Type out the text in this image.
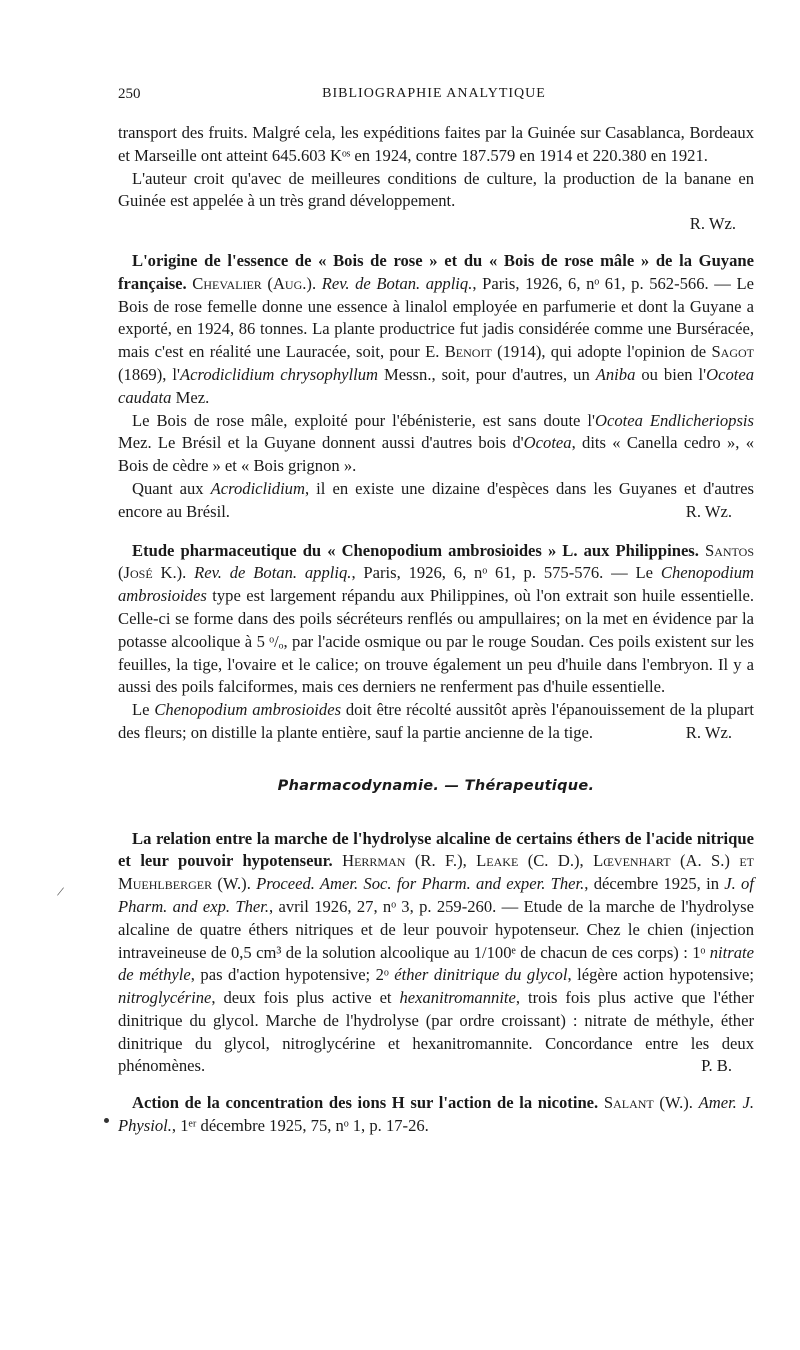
250	BIBLIOGRAPHIE ANALYTIQUE

transport des fruits. Malgré cela, les expéditions faites par la Guinée sur Casablanca, Bordeaux et Marseille ont atteint 645.603 Kᵒˢ en 1924, contre 187.579 en 1914 et 220.380 en 1921.

L'auteur croit qu'avec de meilleures conditions de culture, la production de la banane en Guinée est appelée à un très grand développement.

R. Wz.

L'origine de l'essence de « Bois de rose » et du « Bois de rose mâle » de la Guyane française. Chevalier (Aug.). Rev. de Botan. appliq., Paris, 1926, 6, nᵒ 61, p. 562-566. — Le Bois de rose femelle donne une essence à linalol employée en parfumerie et dont la Guyane a exporté, en 1924, 86 tonnes. La plante productrice fut jadis considérée comme une Burséracée, mais c'est en réalité une Lauracée, soit, pour E. Benoit (1914), qui adopte l'opinion de Sagot (1869), l'Acrodiclidium chrysophyllum Messn., soit, pour d'autres, un Aniba ou bien l'Ocotea caudata Mez.

Le Bois de rose mâle, exploité pour l'ébénisterie, est sans doute l'Ocotea Endlicheriopsis Mez. Le Brésil et la Guyane donnent aussi d'autres bois d'Ocotea, dits « Canella cedro », « Bois de cèdre » et « Bois grignon ».

Quant aux Acrodiclidium, il en existe une dizaine d'espèces dans les Guyanes et d'autres encore au Brésil.	R. Wz.

Etude pharmaceutique du « Chenopodium ambrosioides » L. aux Philippines. Santos (José K.). Rev. de Botan. appliq., Paris, 1926, 6, nᵒ 61, p. 575-576. — Le Chenopodium ambrosioides type est largement répandu aux Philippines, où l'on extrait son huile essentielle. Celle-ci se forme dans des poils sécréteurs renflés ou ampullaires; on la met en évidence par la potasse alcoolique à 5 ᵒ/ₒ, par l'acide osmique ou par le rouge Soudan. Ces poils existent sur les feuilles, la tige, l'ovaire et le calice; on trouve également un peu d'huile dans l'embryon. Il y a aussi des poils falciformes, mais ces derniers ne renferment pas d'huile essentielle.

Le Chenopodium ambrosioides doit être récolté aussitôt après l'épanouissement de la plupart des fleurs; on distille la plante entière, sauf la partie ancienne de la tige.	R. Wz.

Pharmacodynamie. — Thérapeutique.

La relation entre la marche de l'hydrolyse alcaline de certains éthers de l'acide nitrique et leur pouvoir hypotenseur. Herrman (R. F.), Leake (C. D.), Lœvenhart (A. S.) et Muehlberger (W.). Proceed. Amer. Soc. for Pharm. and exper. Ther., décembre 1925, in J. of Pharm. and exp. Ther., avril 1926, 27, nᵒ 3, p. 259-260. — Etude de la marche de l'hydrolyse alcaline de quatre éthers nitriques et de leur pouvoir hypotenseur. Chez le chien (injection intraveineuse de 0,5 cm³ de la solution alcoolique au 1/100ᵉ de chacun de ces corps) : 1ᵒ nitrate de méthyle, pas d'action hypotensive; 2ᵒ éther dinitrique du glycol, légère action hypotensive; nitroglycérine, deux fois plus active et hexanitromannite, trois fois plus active que l'éther dinitrique du glycol. Marche de l'hydrolyse (par ordre croissant) : nitrate de méthyle, éther dinitrique du glycol, nitroglycérine et hexanitromannite. Concordance entre les deux phénomènes.	P. B.

Action de la concentration des ions H sur l'action de la nicotine. Salant (W.). Amer. J. Physiol., 1ᵉʳ décembre 1925, 75, nᵒ 1, p. 17-26.

/
